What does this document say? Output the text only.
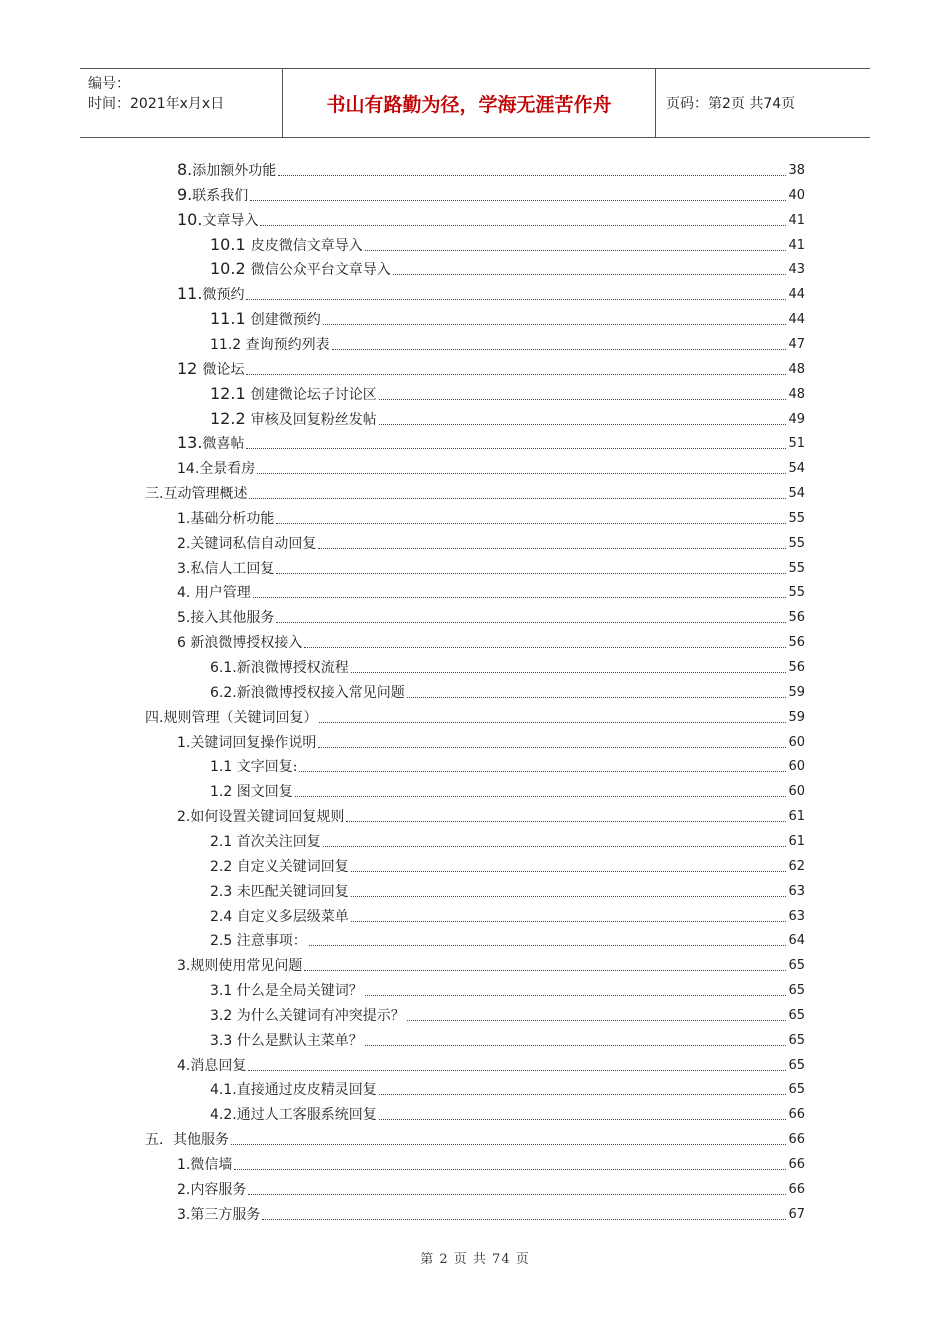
编号：
时间：2021年x月x日	书山有路勤为径，学海无涯苦作舟	页码：第2页 共74页
8.添加额外功能	38
9.联系我们	40
10.文章导入	41
10.1 皮皮微信文章导入	41
10.2 微信公众平台文章导入	43
11.微预约	44
11.1 创建微预约	44
11.2 查询预约列表	47
12 微论坛	48
12.1 创建微论坛子讨论区	48
12.2 审核及回复粉丝发帖	49
13.微喜帖	51
14.全景看房	54
三.互动管理概述	54
1.基础分析功能	55
2.关键词私信自动回复	55
3.私信人工回复	55
4. 用户管理	55
5.接入其他服务	56
6 新浪微博授权接入	56
6.1.新浪微博授权流程	56
6.2.新浪微博授权接入常见问题	59
四.规则管理（关键词回复）	59
1.关键词回复操作说明	60
1.1 文字回复:	60
1.2 图文回复	60
2.如何设置关键词回复规则	61
2.1 首次关注回复	61
2.2 自定义关键词回复	62
2.3 未匹配关键词回复	63
2.4 自定义多层级菜单	63
2.5 注意事项：	64
3.规则使用常见问题	65
3.1 什么是全局关键词？	65
3.2 为什么关键词有冲突提示？	65
3.3 什么是默认主菜单？	65
4.消息回复	65
4.1.直接通过皮皮精灵回复	65
4.2.通过人工客服系统回复	66
五．其他服务	66
1.微信墙	66
2.内容服务	66
3.第三方服务	67
第 2 页 共 74 页
